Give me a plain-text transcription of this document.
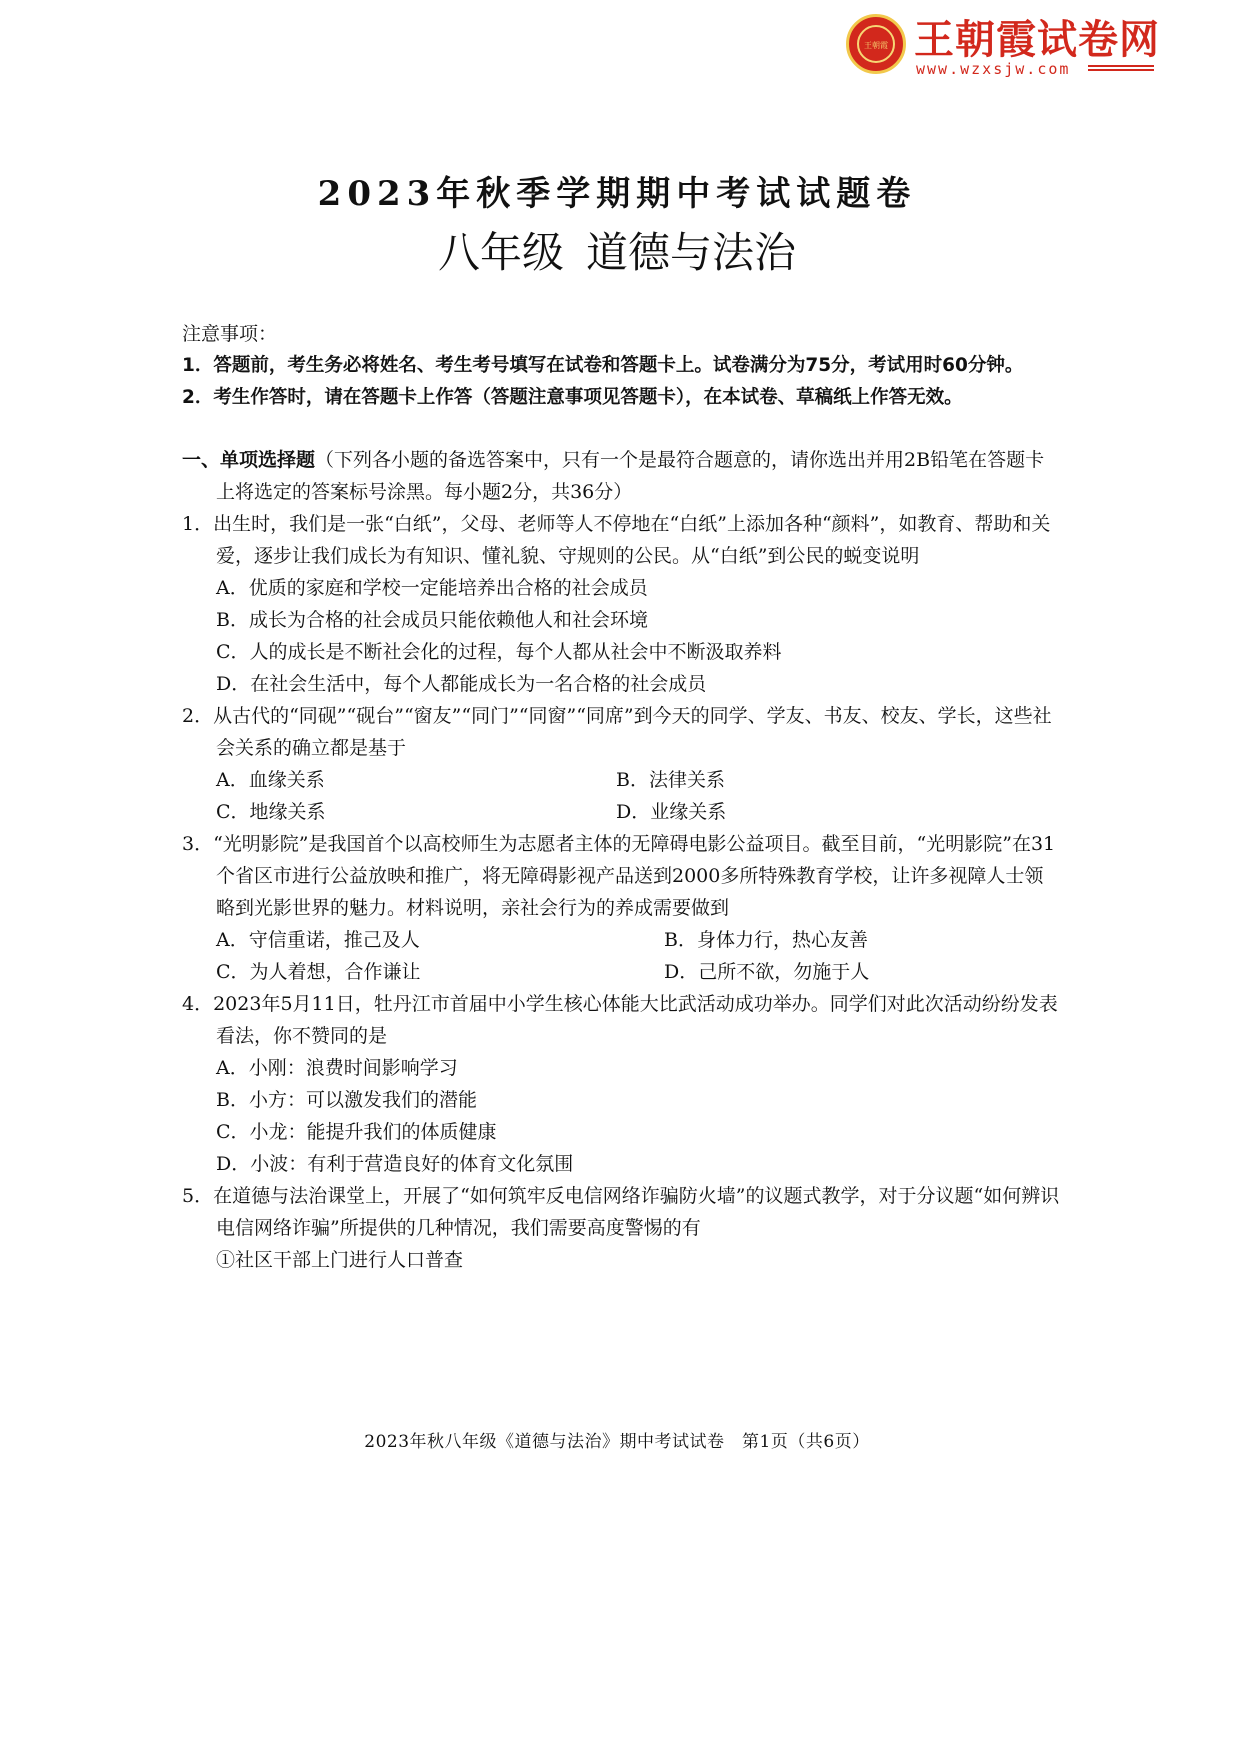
王朝霞 王朝霞试卷网
www.wzxsjw.com
2023年秋季学期期中考试试题卷
八年级 道德与法治

注意事项：

1．答题前，考生务必将姓名、考生考号填写在试卷和答题卡上。试卷满分为75分，考试用时60分钟。

2．考生作答时，请在答题卡上作答（答题注意事项见答题卡），在本试卷、草稿纸上作答无效。

一、单项选择题（下列各小题的备选答案中，只有一个是最符合题意的，请你选出并用2B铅笔在答题卡上将选定的答案标号涂黑。每小题2分，共36分）

1．出生时，我们是一张“白纸”，父母、老师等人不停地在“白纸”上添加各种“颜料”，如教育、帮助和关爱，逐步让我们成长为有知识、懂礼貌、守规则的公民。从“白纸”到公民的蜕变说明

A．优质的家庭和学校一定能培养出合格的社会成员

B．成长为合格的社会成员只能依赖他人和社会环境

C．人的成长是不断社会化的过程，每个人都从社会中不断汲取养料

D．在社会生活中，每个人都能成长为一名合格的社会成员

2．从古代的“同砚”“砚台”“窗友”“同门”“同窗”“同席”到今天的同学、学友、书友、校友、学长，这些社会关系的确立都是基于

A．血缘关系	B．法律关系
C．地缘关系	D．业缘关系

3．“光明影院”是我国首个以高校师生为志愿者主体的无障碍电影公益项目。截至目前，“光明影院”在31个省区市进行公益放映和推广，将无障碍影视产品送到2000多所特殊教育学校，让许多视障人士领略到光影世界的魅力。材料说明，亲社会行为的养成需要做到

A．守信重诺，推己及人	B．身体力行，热心友善
C．为人着想，合作谦让	D．己所不欲，勿施于人

4．2023年5月11日，牡丹江市首届中小学生核心体能大比武活动成功举办。同学们对此次活动纷纷发表看法，你不赞同的是

A．小刚：浪费时间影响学习

B．小方：可以激发我们的潜能

C．小龙：能提升我们的体质健康

D．小波：有利于营造良好的体育文化氛围

5．在道德与法治课堂上，开展了“如何筑牢反电信网络诈骗防火墙”的议题式教学，对于分议题“如何辨识电信网络诈骗”所提供的几种情况，我们需要高度警惕的有

①社区干部上门进行人口普查

2023年秋八年级《道德与法治》期中考试试卷　第1页（共6页）
